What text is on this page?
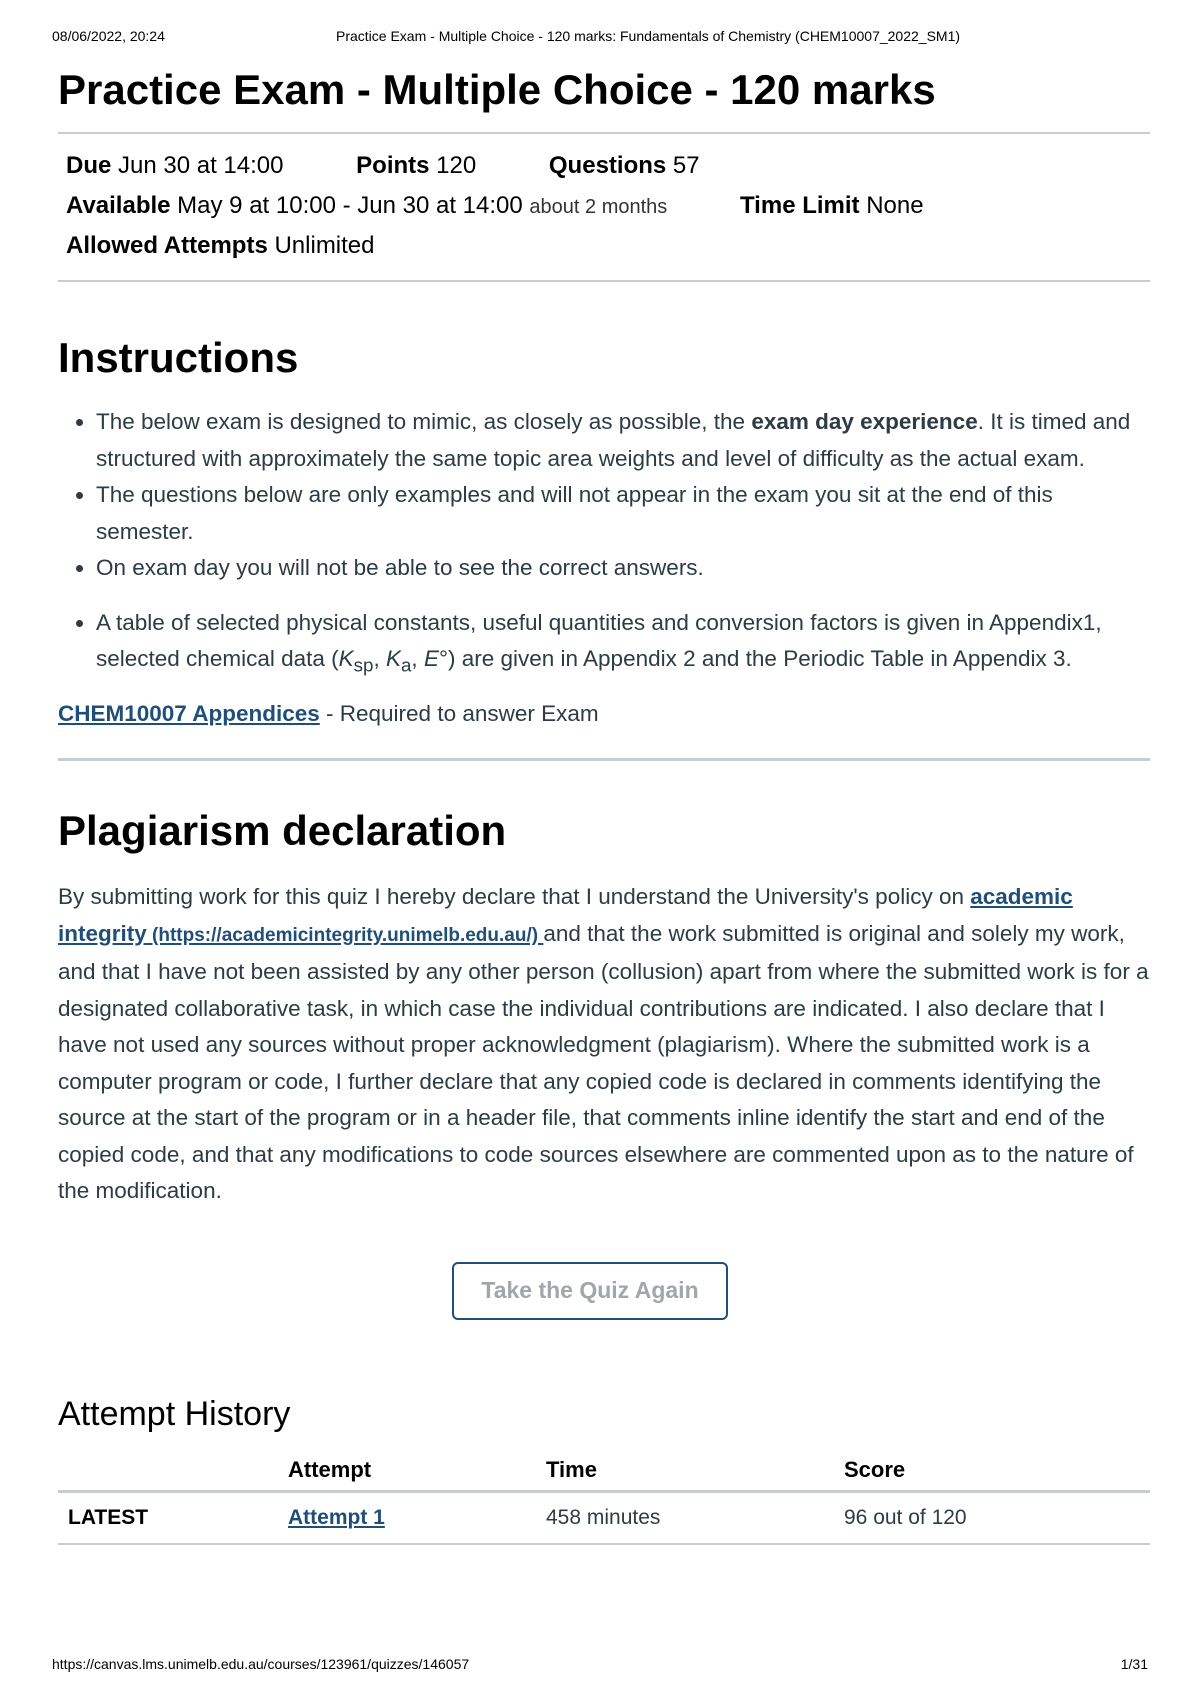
08/06/2022, 20:24	Practice Exam - Multiple Choice - 120 marks: Fundamentals of Chemistry (CHEM10007_2022_SM1)
Practice Exam - Multiple Choice - 120 marks
Due Jun 30 at 14:00	Points 120	Questions 57
Available May 9 at 10:00 - Jun 30 at 14:00 about 2 months	Time Limit None
Allowed Attempts Unlimited
Instructions
• The below exam is designed to mimic, as closely as possible, the exam day experience. It is timed and structured with approximately the same topic area weights and level of difficulty as the actual exam.
• The questions below are only examples and will not appear in the exam you sit at the end of this semester.
• On exam day you will not be able to see the correct answers.
• A table of selected physical constants, useful quantities and conversion factors is given in Appendix1, selected chemical data ($K_{sp}$, $K_a$, E°) are given in Appendix 2 and the Periodic Table in Appendix 3.
CHEM10007 Appendices - Required to answer Exam
Plagiarism declaration

By submitting work for this quiz I hereby declare that I understand the University's policy on academic integrity (https://academicintegrity.unimelb.edu.au/) and that the work submitted is original and solely my work, and that I have not been assisted by any other person (collusion) apart from where the submitted work is for a designated collaborative task, in which case the individual contributions are indicated. I also declare that I have not used any sources without proper acknowledgment (plagiarism). Where the submitted work is a computer program or code, I further declare that any copied code is declared in comments identifying the source at the start of the program or in a header file, that comments inline identify the start and end of the copied code, and that any modifications to code sources elsewhere are commented upon as to the nature of the modification.

Take the Quiz Again
Attempt History
	Attempt	Time	Score
LATEST	Attempt 1	458 minutes	96 out of 120
https://canvas.lms.unimelb.edu.au/courses/123961/quizzes/146057	1/31
